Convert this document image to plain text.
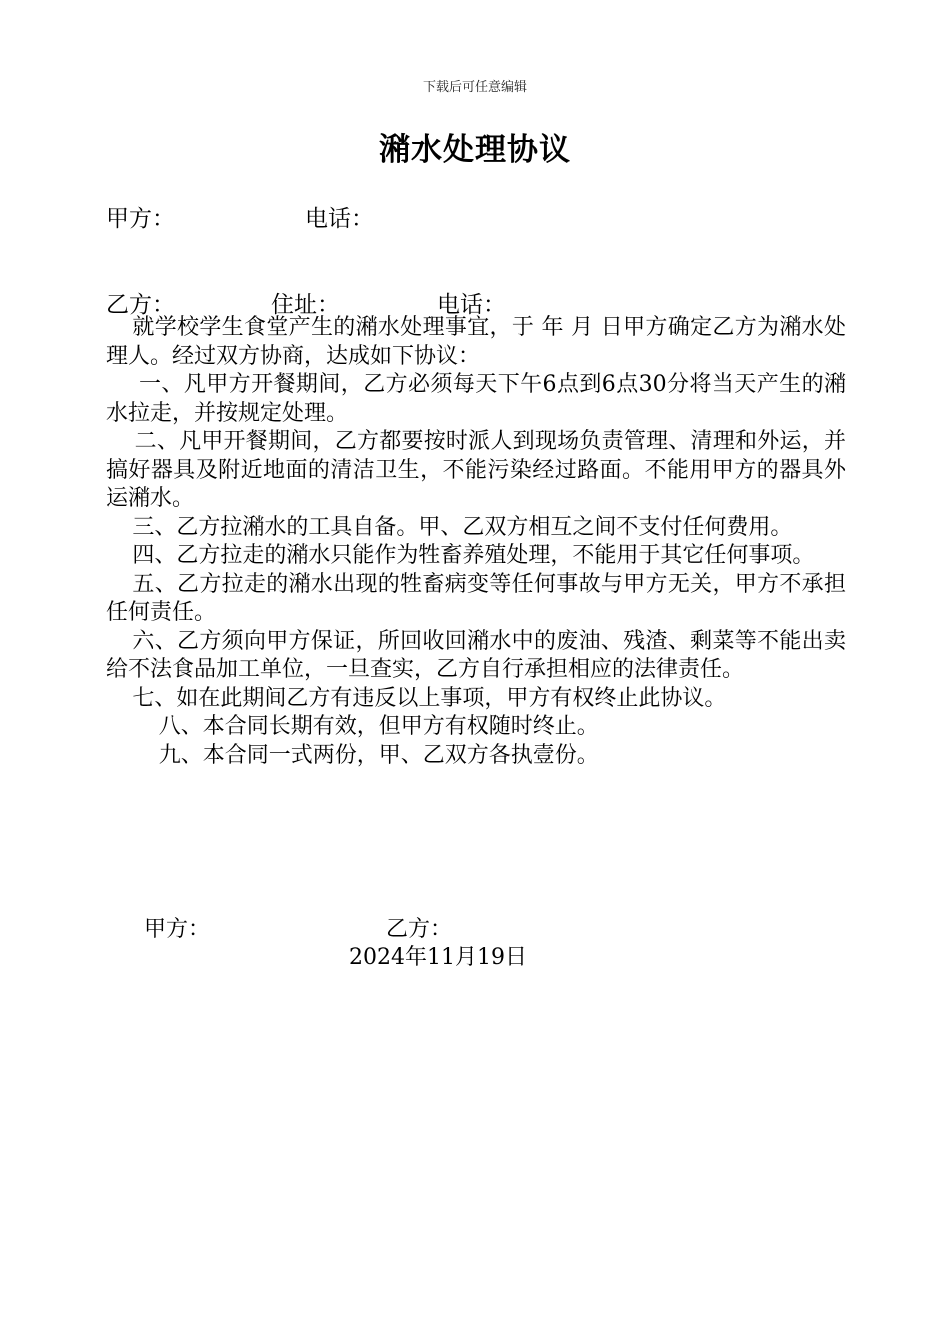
下载后可任意编辑
潲水处理协议
甲方：	电话：
乙方：	住址：	电话：

就学校学生食堂产生的潲水处理事宜，于 年 月 日甲方确定乙方为潲水处理人。经过双方协商，达成如下协议：

一、凡甲方开餐期间，乙方必须每天下午6点到6点30分将当天产生的潲水拉走，并按规定处理。

二、凡甲开餐期间，乙方都要按时派人到现场负责管理、清理和外运，并搞好器具及附近地面的清洁卫生，不能污染经过路面。不能用甲方的器具外运潲水。

三、乙方拉潲水的工具自备。甲、乙双方相互之间不支付任何费用。

四、乙方拉走的潲水只能作为牲畜养殖处理，不能用于其它任何事项。

五、乙方拉走的潲水出现的牲畜病变等任何事故与甲方无关，甲方不承担任何责任。

六、乙方须向甲方保证，所回收回潲水中的废油、残渣、剩菜等不能出卖给不法食品加工单位，一旦查实，乙方自行承担相应的法律责任。

七、如在此期间乙方有违反以上事项，甲方有权终止此协议。

八、本合同长期有效，但甲方有权随时终止。

九、本合同一式两份，甲、乙双方各执壹份。

甲方：	乙方：
2024年11月19日
